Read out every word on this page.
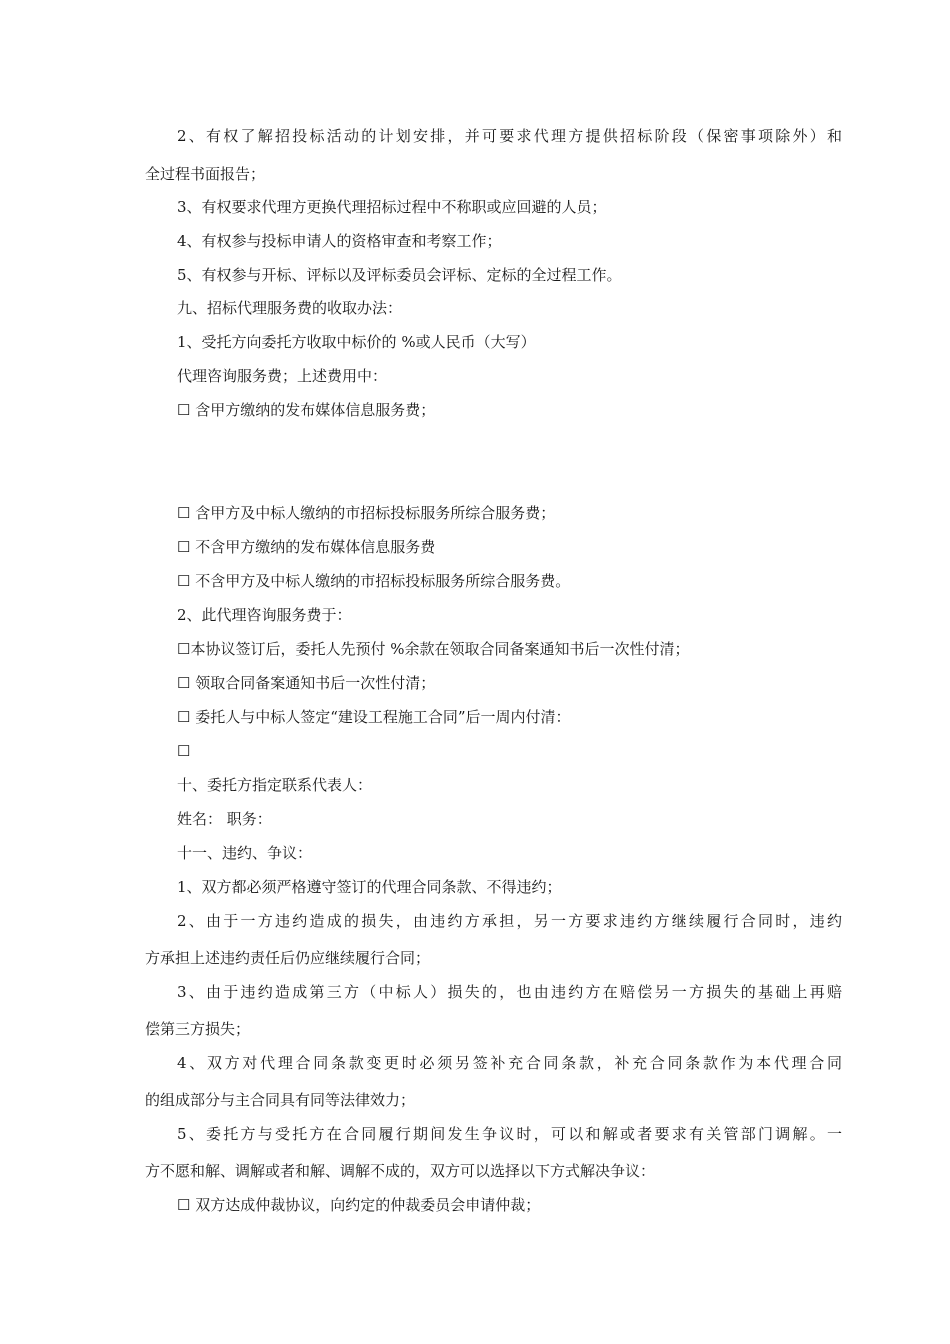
2、有权了解招投标活动的计划安排，并可要求代理方提供招标阶段（保密事项除外）和
全过程书面报告；
3、有权要求代理方更换代理招标过程中不称职或应回避的人员；
4、有权参与投标申请人的资格审查和考察工作；
5、有权参与开标、评标以及评标委员会评标、定标的全过程工作。
九、招标代理服务费的收取办法：
1、受托方向委托方收取中标价的 %或人民币（大写）
代理咨询服务费；上述费用中：
☐ 含甲方缴纳的发布媒体信息服务费；
☐ 含甲方及中标人缴纳的市招标投标服务所综合服务费；
☐ 不含甲方缴纳的发布媒体信息服务费
☐ 不含甲方及中标人缴纳的市招标投标服务所综合服务费。
2、此代理咨询服务费于：
☐本协议签订后，委托人先预付 %余款在领取合同备案通知书后一次性付清；
☐ 领取合同备案通知书后一次性付清；
☐ 委托人与中标人签定“建设工程施工合同”后一周内付清：
☐
十、委托方指定联系代表人：
姓名： 职务：
十一、违约、争议：
1、双方都必须严格遵守签订的代理合同条款、不得违约；
2、由于一方违约造成的损失，由违约方承担，另一方要求违约方继续履行合同时，违约
方承担上述违约责任后仍应继续履行合同；
3、由于违约造成第三方（中标人）损失的，也由违约方在赔偿另一方损失的基础上再赔
偿第三方损失；
4、双方对代理合同条款变更时必须另签补充合同条款，补充合同条款作为本代理合同
的组成部分与主合同具有同等法律效力；
5、委托方与受托方在合同履行期间发生争议时，可以和解或者要求有关管部门调解。一
方不愿和解、调解或者和解、调解不成的，双方可以选择以下方式解决争议：
☐ 双方达成仲裁协议，向约定的仲裁委员会申请仲裁；
